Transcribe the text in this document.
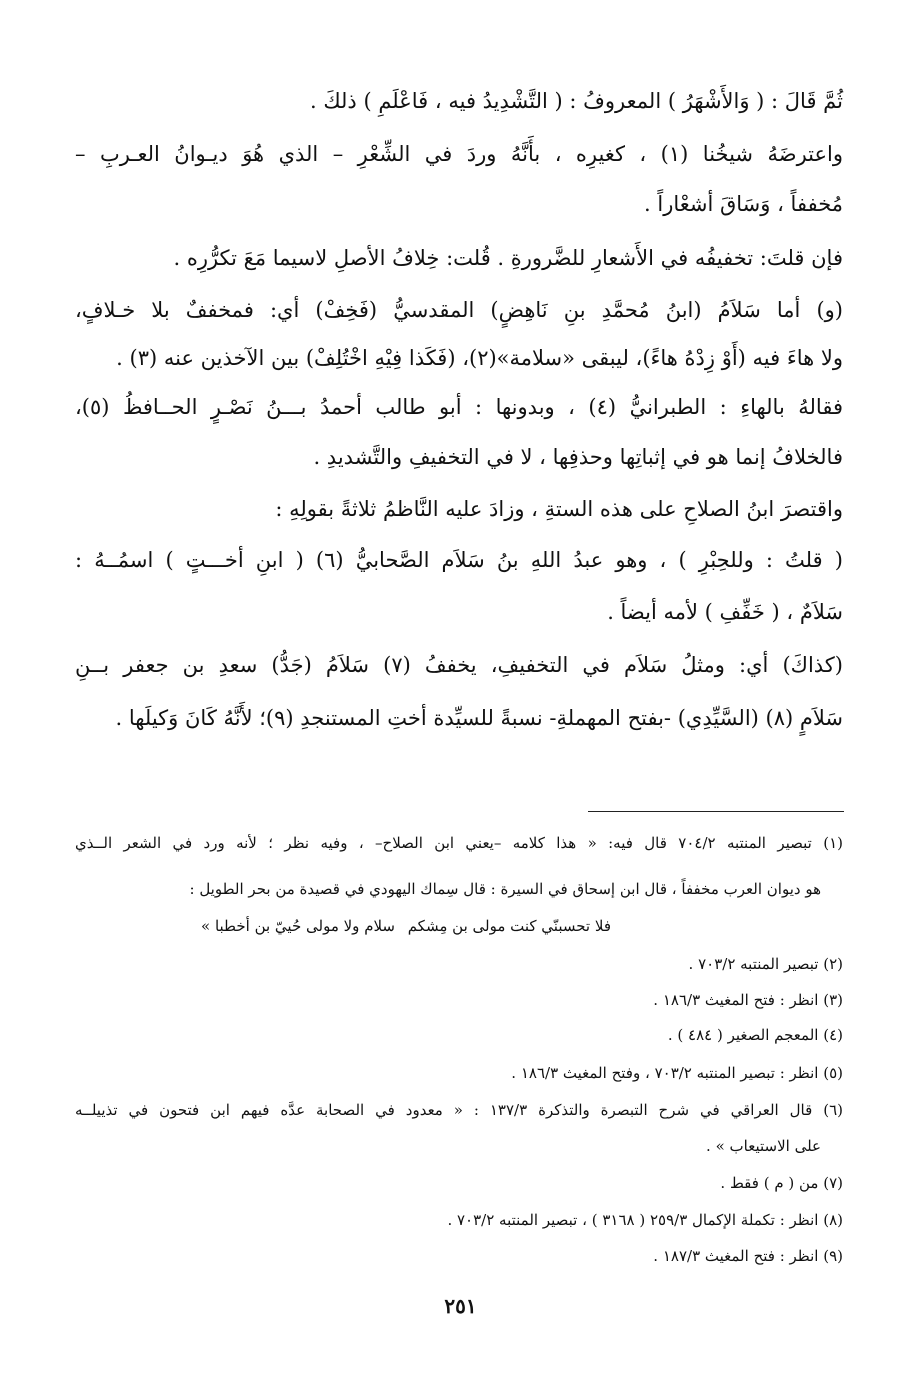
ثُمَّ قَالَ : ( وَالأَشْهَرُ ) المعروفُ : ( التَّشْدِيدُ فيه ، فَاعْلَمِ ) ذلكَ .
واعترضَهُ شيخُنا (١) ، كغيرِه ، بأَنَّهُ وردَ في الشِّعْرِ – الذي هُوَ ديـوانُ العـربِ –
مُخففاً ، وَسَاقَ أشعْاراً .
فإن قلتَ: تخفيفُه في الأَشعارِ للضَّرورةِ . قُلت: خِلافُ الأصلِ لاسيما مَعَ تكرُّرِه .
(و) أما سَلاَمُ (ابنُ مُحمَّدِ بنِ نَاهِضٍ) المقدسيُّ (فَخِفْ) أي: فمخففٌ بلا خـلافٍ،
ولا هاءَ فيه (أَوْ زِدْهُ هاءً)، ليبقى «سلامة»(٢)، (فَكَذا فِيْهِ اخْتُلِفْ) بين الآخذين عنه (٣) .
فقالهُ بالهاءِ : الطبرانيُّ (٤) ، وبدونها : أبو طالب أحمدُ بـــنُ نَصْـرٍ الحــافظُ (٥)،
فالخلافُ إنما هو في إثباتِها وحذفِها ، لا في التخفيفِ والتَّشديدِ .
واقتصرَ ابنُ الصلاحِ على هذه الستةِ ، وزادَ عليه النَّاظمُ ثلاثةً بقولِهِ :
( قلتُ : وللحِبْرِ ) ، وهو عبدُ اللهِ بنُ سَلاَم الصَّحابيُّ (٦) ( ابنِ أخـــتٍ ) اسمُــهُ :
سَلاَمٌ ، ( خَفِّفِ ) لأمه أيضاً .
(كذاكَ) أي: ومثلُ سَلاَم في التخفيفِ، يخففُ (٧) سَلاَمُ (جَدُّ) سعدِ بن جعفر بــنِ
سَلاَمٍ (٨) (السَّيِّدِي) -بفتح المهملةِ- نسبةً للسيِّدة أختِ المستنجدِ (٩)؛ لأَنَّهُ كَانَ وَكيلَها .
(١) تبصير المنتبه ٧٠٤/٢ قال فيه: « هذا كلامه –يعني ابن الصلاح– ، وفيه نظر ؛ لأنه ورد في الشعر الــذي
هو ديوان العرب مخففاً ، قال ابن إسحاق في السيرة : قال سِماك اليهودي في قصيدة من بحر الطويل :
فلا تحسبنّي كنت مولى بن مِشكم
سلام ولا مولى حُييّ بن أخطبا »
(٢) تبصير المنتبه ٧٠٣/٢ .
(٣) انظر : فتح المغيث ١٨٦/٣ .
(٤) المعجم الصغير ( ٤٨٤ ) .
(٥) انظر : تبصير المنتبه ٧٠٣/٢ ، وفتح المغيث ١٨٦/٣ .
(٦) قال العراقي في شرح التبصرة والتذكرة ١٣٧/٣ : « معدود في الصحابة عدَّه فيهم ابن فتحون في تذييلــه
على الاستيعاب » .
(٧) من ( م ) فقط .
(٨) انظر : تكملة الإكمال ٢٥٩/٣ ( ٣١٦٨ ) ، تبصير المنتبه ٧٠٣/٢ .
(٩) انظر : فتح المغيث ١٨٧/٣ .
٢٥١
